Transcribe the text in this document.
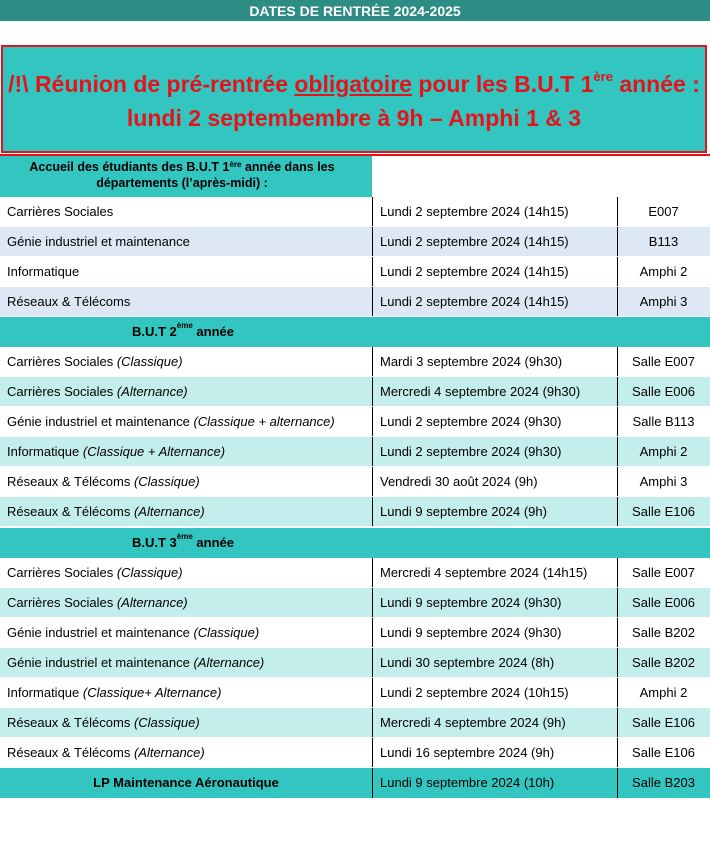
DATES DE RENTRÉE 2024-2025
/!\ Réunion de pré-rentrée obligatoire pour les B.U.T 1ère année :
lundi 2 septembembre à 9h – Amphi 1 & 3
Accueil des étudiants des B.U.T 1ère année dans les départements (l’après-midi) :
Carrières Sociales	Lundi 2 septembre 2024 (14h15)	E007
Génie industriel et maintenance	Lundi 2 septembre 2024 (14h15)	B113
Informatique	Lundi 2 septembre 2024 (14h15)	Amphi 2
Réseaux & Télécoms	Lundi 2 septembre 2024 (14h15)	Amphi 3
B.U.T 2ème année
Carrières Sociales (Classique)	Mardi 3 septembre 2024 (9h30)	Salle E007
Carrières Sociales (Alternance)	Mercredi 4 septembre 2024 (9h30)	Salle E006
Génie industriel et maintenance (Classique + alternance)	Lundi 2 septembre 2024 (9h30)	Salle B113
Informatique (Classique + Alternance)	Lundi 2 septembre 2024 (9h30)	Amphi 2
Réseaux & Télécoms (Classique)	Vendredi 30 août 2024 (9h)	Amphi 3
Réseaux & Télécoms (Alternance)	Lundi 9 septembre 2024 (9h)	Salle E106
B.U.T 3ème année
Carrières Sociales (Classique)	Mercredi 4 septembre 2024 (14h15)	Salle E007
Carrières Sociales (Alternance)	Lundi 9 septembre 2024 (9h30)	Salle E006
Génie industriel et maintenance (Classique)	Lundi 9 septembre 2024 (9h30)	Salle B202
Génie industriel et maintenance (Alternance)	Lundi 30 septembre 2024 (8h)	Salle B202
Informatique (Classique+ Alternance)	Lundi 2 septembre 2024 (10h15)	Amphi 2
Réseaux & Télécoms (Classique)	Mercredi 4 septembre 2024 (9h)	Salle E106
Réseaux & Télécoms (Alternance)	Lundi 16 septembre 2024 (9h)	Salle E106
LP Maintenance Aéronautique	Lundi 9 septembre 2024 (10h)	Salle B203
